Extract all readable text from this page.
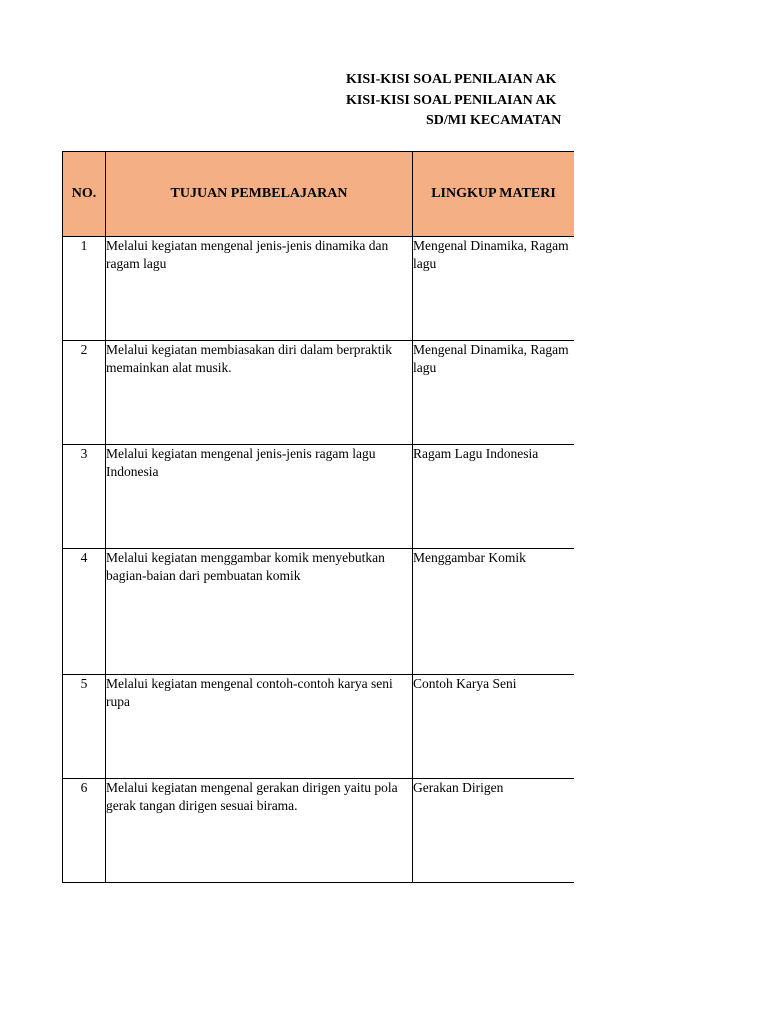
KISI-KISI SOAL PENILAIAN AK
KISI-KISI SOAL PENILAIAN AK
SD/MI KECAMATAN
NO.	TUJUAN PEMBELAJARAN	LINGKUP MATERI
1	Melalui kegiatan mengenal jenis-jenis dinamika dan ragam lagu	Mengenal Dinamika, Ragam lagu
2	Melalui kegiatan membiasakan diri dalam berpraktik memainkan alat musik.	Mengenal Dinamika, Ragam lagu
3	Melalui kegiatan mengenal jenis-jenis ragam lagu Indonesia	Ragam Lagu Indonesia
4	Melalui kegiatan menggambar komik menyebutkan bagian-baian dari pembuatan komik	Menggambar Komik
5	Melalui kegiatan mengenal contoh-contoh karya seni rupa	Contoh Karya Seni
6	Melalui kegiatan mengenal gerakan dirigen yaitu pola gerak tangan dirigen sesuai birama.	Gerakan Dirigen
